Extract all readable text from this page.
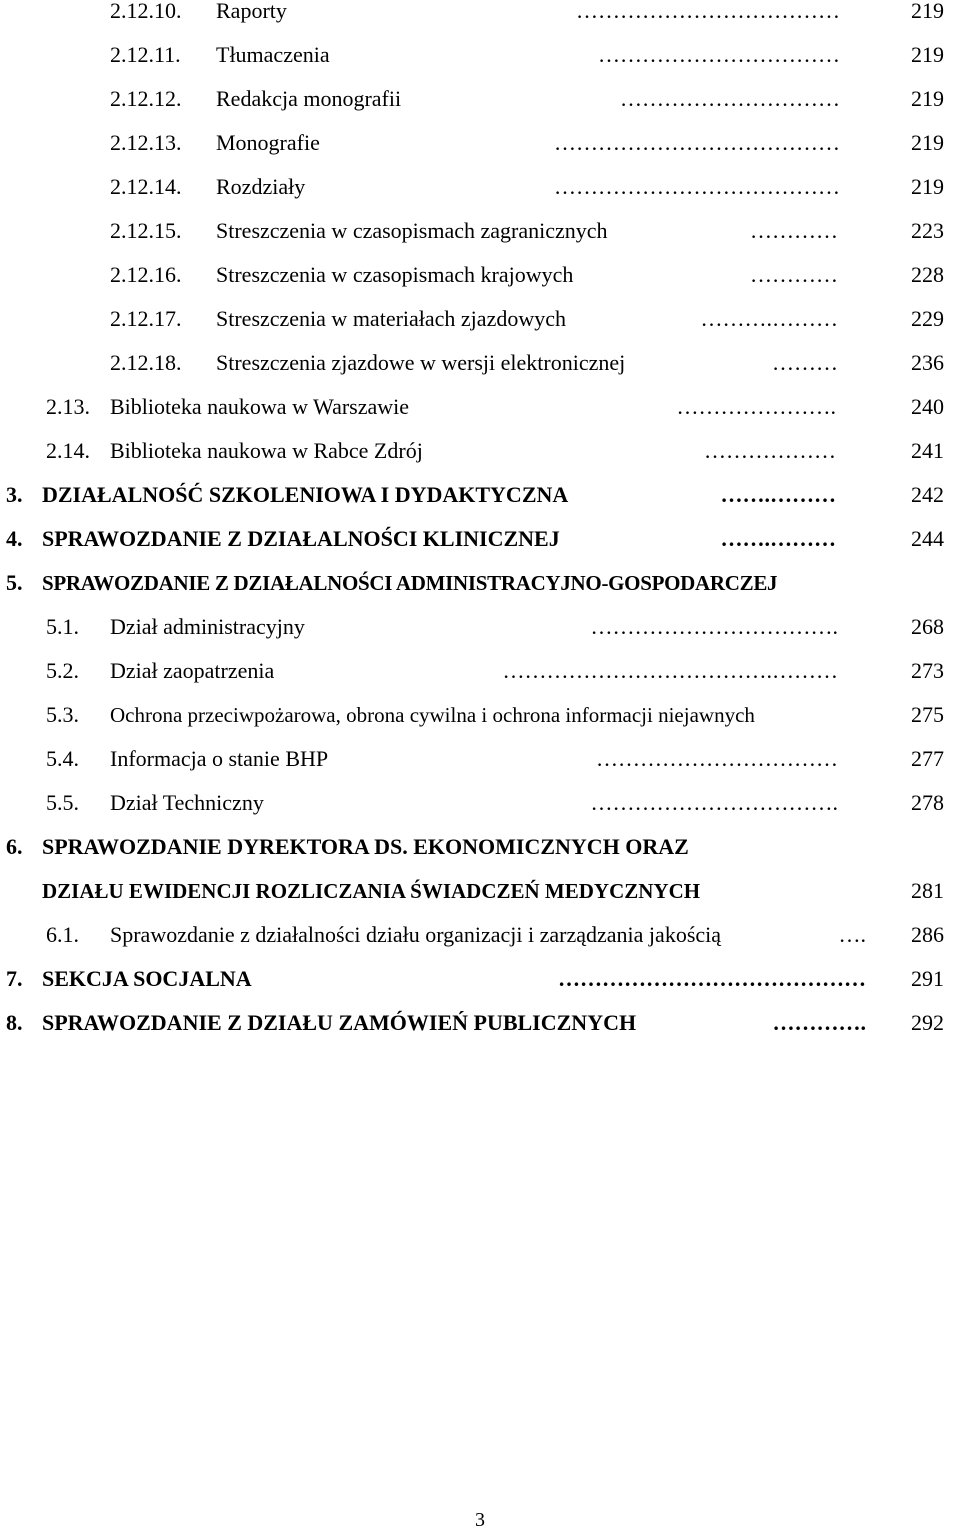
2.12.10. Raporty	………………………………	219
2.12.11. Tłumaczenia	……………………………	219
2.12.12. Redakcja monografii	…………………………	219
2.12.13. Monografie	…………………………………	219
2.12.14. Rozdziały	…………………………………	219
2.12.15. Streszczenia w czasopismach zagranicznych	…………	223
2.12.16. Streszczenia w czasopismach krajowych	…………	228
2.12.17. Streszczenia w materiałach zjazdowych	……….………	229
2.12.18. Streszczenia zjazdowe w wersji elektronicznej	………	236
2.13. Biblioteka naukowa w Warszawie	………………….	240
2.14. Biblioteka naukowa w Rabce Zdrój	………………	241
3. DZIAŁALNOŚĆ SZKOLENIOWA I DYDAKTYCZNA	…….………	242
4. SPRAWOZDANIE Z DZIAŁALNOŚCI KLINICZNEJ	…….………	244
5. SPRAWOZDANIE Z DZIAŁALNOŚCI ADMINISTRACYJNO-GOSPODARCZEJ
5.1. Dział administracyjny	…………………………….	268
5.2. Dział zaopatrzenia	……………………………….………	273
5.3. Ochrona przeciwpożarowa, obrona cywilna i ochrona informacji niejawnych	275
5.4. Informacja o stanie BHP	……………………………	277
5.5. Dział Techniczny	…………………………….	278
6. SPRAWOZDANIE DYREKTORA DS. EKONOMICZNYCH ORAZ
DZIAŁU EWIDENCJI ROZLICZANIA ŚWIADCZEŃ MEDYCZNYCH	281
6.1. Sprawozdanie z działalności działu organizacji i zarządzania jakością	…. 286
7. SEKCJA SOCJALNA	…………………………………… 291
8. SPRAWOZDANIE Z DZIAŁU ZAMÓWIEŃ PUBLICZNYCH	…………. 292
3
